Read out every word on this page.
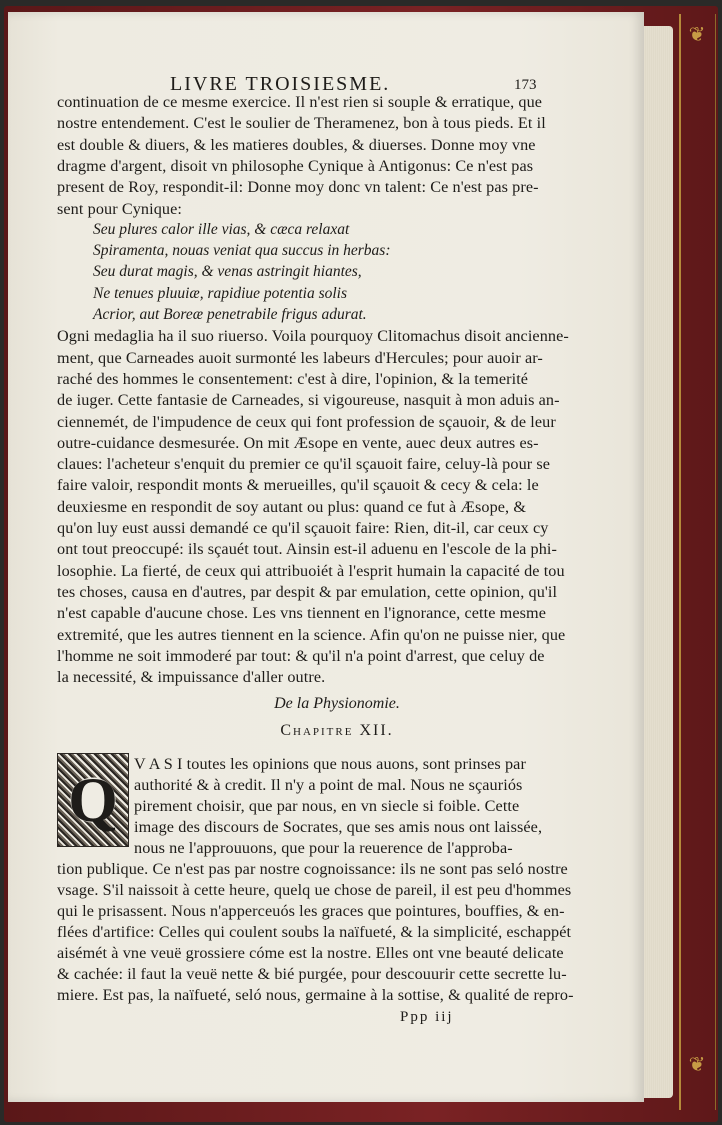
❦
❦

LIVRE TROISIESME.	173
De la Physionomie.
Chapitre XII.
Q
Ppp iij
continuation de ce mesme exercice. Il n'est rien si souple & erratique, que
nostre entendement. C'est le soulier de Theramenez, bon à tous pieds. Et il
est double & diuers, & les matieres doubles, & diuerses. Donne moy vne
dragme d'argent, disoit vn philosophe Cynique à Antigonus: Ce n'est pas
present de Roy, respondit-il: Donne moy donc vn talent: Ce n'est pas pre-
sent pour Cynique:
Seu plures calor ille vias, & cæca relaxat
Spiramenta, nouas veniat qua succus in herbas:
Seu durat magis, & venas astringit hiantes,
Ne tenues pluuiæ, rapidiue potentia solis
Acrior, aut Boreæ penetrabile frigus adurat.
Ogni medaglia ha il suo riuerso. Voila pourquoy Clitomachus disoit ancienne-
ment, que Carneades auoit surmonté les labeurs d'Hercules; pour auoir ar-
raché des hommes le consentement: c'est à dire, l'opinion, & la temerité
de iuger. Cette fantasie de Carneades, si vigoureuse, nasquit à mon aduis an-
ciennemét, de l'impudence de ceux qui font profession de sçauoir, & de leur
outre-cuidance desmesurée. On mit Æsope en vente, auec deux autres es-
claues: l'acheteur s'enquit du premier ce qu'il sçauoit faire, celuy-là pour se
faire valoir, respondit monts & merueilles, qu'il sçauoit & cecy & cela: le
deuxiesme en respondit de soy autant ou plus: quand ce fut à Æsope, &
qu'on luy eust aussi demandé ce qu'il sçauoit faire: Rien, dit-il, car ceux cy
ont tout preoccupé: ils sçauét tout. Ainsin est-il aduenu en l'escole de la phi-
losophie. La fierté, de ceux qui attribuoiét à l'esprit humain la capacité de tou
tes choses, causa en d'autres, par despit & par emulation, cette opinion, qu'il
n'est capable d'aucune chose. Les vns tiennent en l'ignorance, cette mesme
extremité, que les autres tiennent en la science. Afin qu'on ne puisse nier, que
l'homme ne soit immoderé par tout: & qu'il n'a point d'arrest, que celuy de
la necessité, & impuissance d'aller outre.
V A S I toutes les opinions que nous auons, sont prinses par
authorité & à credit. Il n'y a point de mal. Nous ne sçauriós
pirement choisir, que par nous, en vn siecle si foible. Cette
image des discours de Socrates, que ses amis nous ont laissée,
nous ne l'approuuons, que pour la reuerence de l'approba-
tion publique. Ce n'est pas par nostre cognoissance: ils ne sont pas seló nostre
vsage. S'il naissoit à cette heure, quelq ue chose de pareil, il est peu d'hommes
qui le prisassent. Nous n'apperceuós les graces que pointures, bouffies, & en-
flées d'artifice: Celles qui coulent soubs la naïfueté, & la simplicité, eschappét
aisémét à vne veuë grossiere cóme est la nostre. Elles ont vne beauté delicate
& cachée: il faut la veuë nette & bié purgée, pour descouurir cette secrette lu-
miere. Est pas, la naïfueté, seló nous, germaine à la sottise, & qualité de repro-
